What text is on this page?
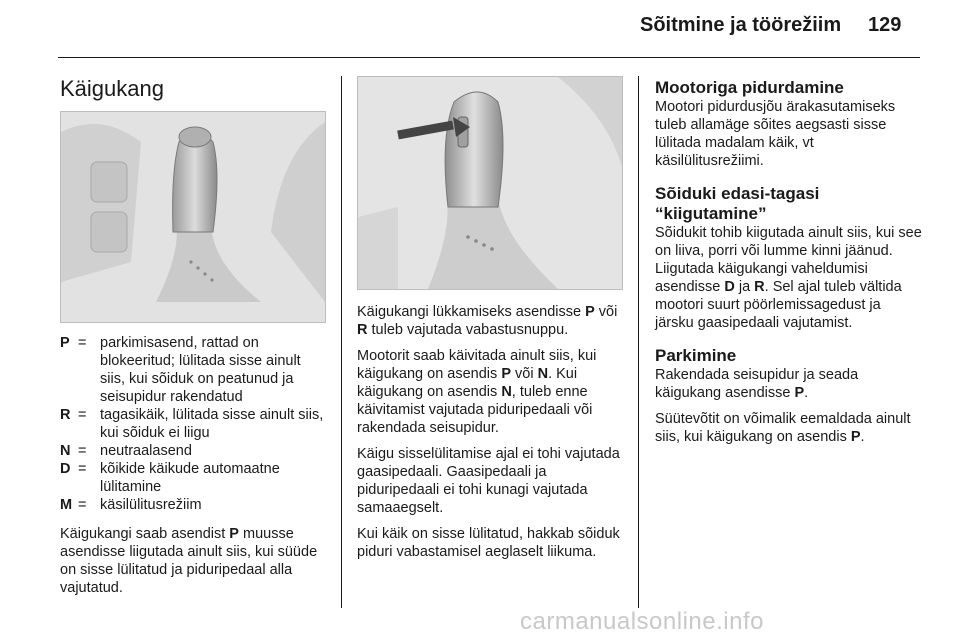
Sõitmine ja töörežiim 129
Käigukang
P = parkimisasend, rattad on blokeeritud; lülitada sisse ainult siis, kui sõiduk on peatunud ja seisupidur rakendatud
R = tagasikäik, lülitada sisse ainult siis, kui sõiduk ei liigu
N = neutraalasend
D = kõikide käikude automaatne lülitamine
M = käsilülitusrežiim

Käigukangi saab asendist P muusse asendisse liigutada ainult siis, kui süüde on sisse lülitatud ja piduripedaal alla vajutatud.

Käigukangi lükkamiseks asendisse P või R tuleb vajutada vabastusnuppu.

Mootorit saab käivitada ainult siis, kui käigukang on asendis P või N. Kui käigukang on asendis N, tuleb enne käivitamist vajutada piduripedaali või rakendada seisupidur.

Käigu sisselülitamise ajal ei tohi vajutada gaasipedaali. Gaasipedaali ja piduripedaali ei tohi kunagi vajutada samaaegselt.

Kui käik on sisse lülitatud, hakkab sõiduk piduri vabastamisel aeglaselt liikuma.

Mootoriga pidurdamine

Mootori pidurdusjõu ärakasutamiseks tuleb allamäge sõites aegsasti sisse lülitada madalam käik, vt käsilülitusrežiimi.

Sõiduki edasi-tagasi “kiigutamine”

Sõidukit tohib kiigutada ainult siis, kui see on liiva, porri või lumme kinni jäänud. Liigutada käigukangi vaheldumisi asendisse D ja R. Sel ajal tuleb vältida mootori suurt pöörlemissagedust ja järsku gaasipedaali vajutamist.

Parkimine

Rakendada seisupidur ja seada käigukang asendisse P.

Süütevõtit on võimalik eemaldada ainult siis, kui käigukang on asendis P.

carmanualsonline.info
